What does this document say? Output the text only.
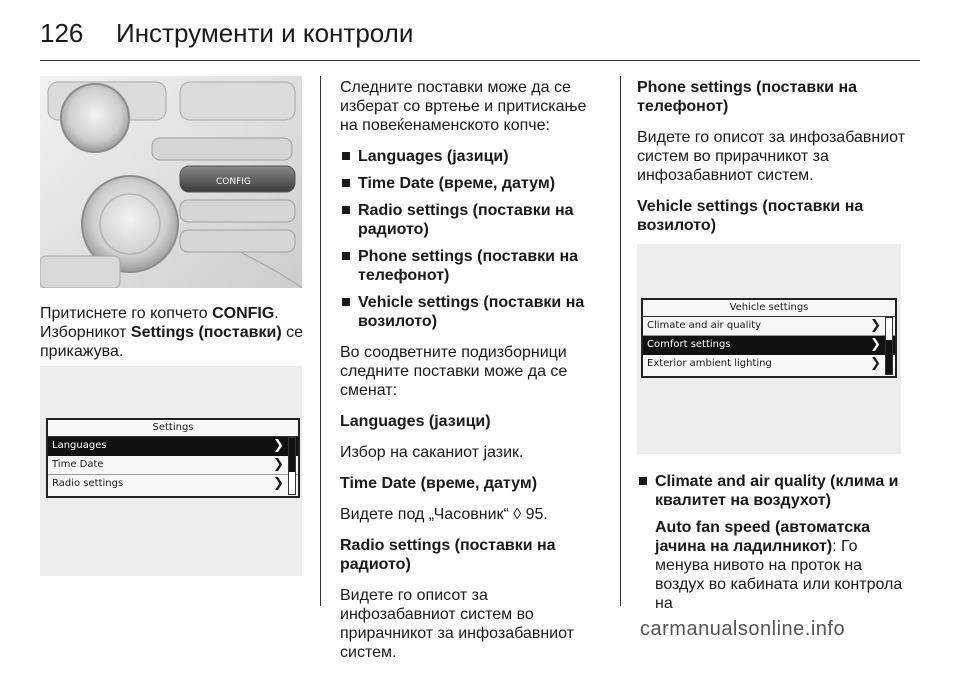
126 Инструменти и контроли
CONFIG

Притиснете го копчето CONFIG.
Изборникот Settings (поставки) се прикажува.

Settings
Languages	❯
Time Date	❯
Radio settings	❯

Следните поставки може да се изберат со вртење и притискање на повеќенаменското копче:

Languages (јазици)
Time Date (време, датум)
Radio settings (поставки на радиото)
Phone settings (поставки на телефонот)
Vehicle settings (поставки на возилото)

Во соодветните подизборници следните поставки може да се сменат:

Languages (јазици)

Избор на саканиот јазик.

Time Date (време, датум)

Видете под „Часовник“ ◊ 95.

Radio settings (поставки на радиото)

Видете го описот за инфозабавниот систем во прирачникот за инфозабавниот систем.

Phone settings (поставки на телефонот)

Видете го описот за инфозабавниот систем во прирачникот за инфозабавниот систем.

Vehicle settings (поставки на возилото)

Vehicle settings
Climate and air quality	❯
Comfort settings	❯
Exterior ambient lighting	❯
Climate and air quality (клима и квалитет на воздухот)

Auto fan speed (автоматска јачина на ладилникот): Го менува нивото на проток на воздух во кабината или контрола на

carmanualsonline.info
